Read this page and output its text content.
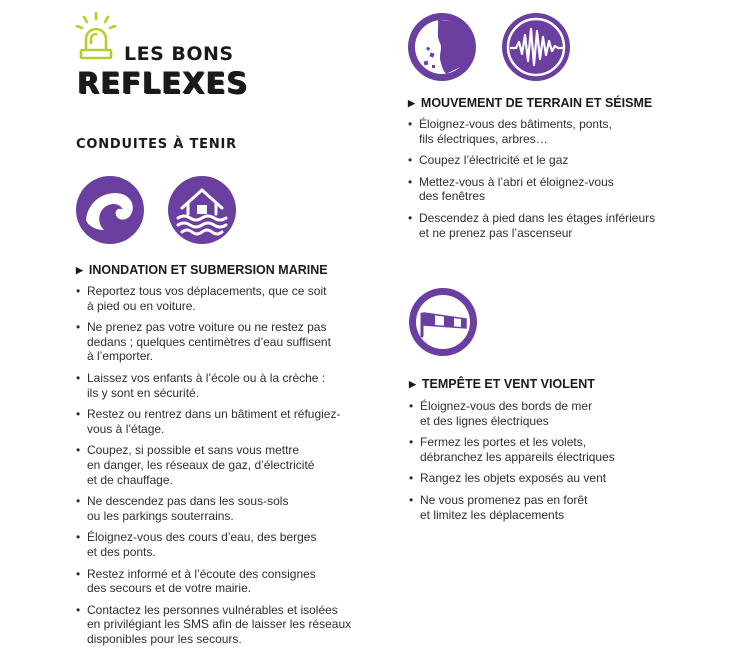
LES BONS
REFLEXES
CONDUITES À TENIR
▶ INONDATION ET SUBMERSION MARINE
• Reportez tous vos déplacements, que ce soit
à pied ou en voiture.
• Ne prenez pas votre voiture ou ne restez pas
dedans ; quelques centimètres d’eau suffisent
à l’emporter.
• Laissez vos enfants à l’école ou à la crèche :
ils y sont en sécurité.
• Restez ou rentrez dans un bâtiment et réfugiez-
vous à l’étage.
• Coupez, si possible et sans vous mettre
en danger, les réseaux de gaz, d’électricité
et de chauffage.
• Ne descendez pas dans les sous-sols
ou les parkings souterrains.
• Éloignez-vous des cours d’eau, des berges
et des ponts.
• Restez informé et à l’écoute des consignes
des secours et de votre mairie.
• Contactez les personnes vulnérables et isolées
en privilégiant les SMS afin de laisser les réseaux
disponibles pour les secours.
▶ MOUVEMENT DE TERRAIN ET SÉISME
• Éloignez-vous des bâtiments, ponts,
fils électriques, arbres…
• Coupez l’électricité et le gaz
• Mettez-vous à l’abri et éloignez-vous
des fenêtres
• Descendez à pied dans les étages inférieurs
et ne prenez pas l’ascenseur
▶ TEMPÊTE ET VENT VIOLENT
• Éloignez-vous des bords de mer
et des lignes électriques
• Fermez les portes et les volets,
débranchez les appareils électriques
• Rangez les objets exposés au vent
• Ne vous promenez pas en forêt
et limitez les déplacements
